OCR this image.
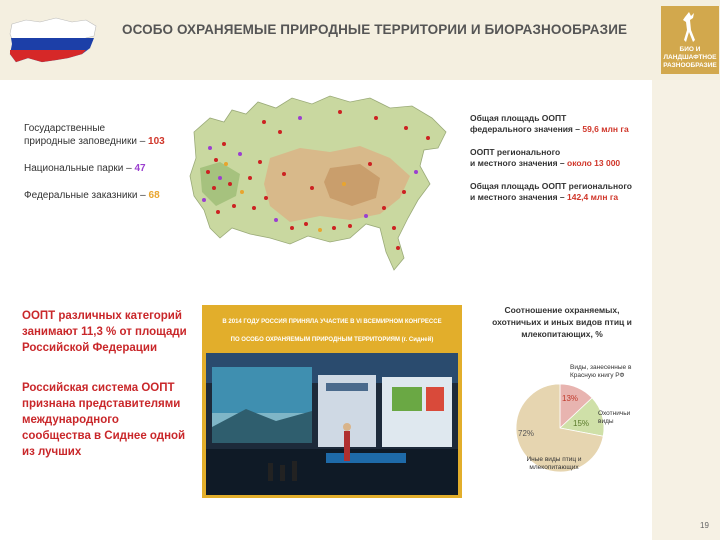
ОСОБО ОХРАНЯЕМЫЕ ПРИРОДНЫЕ ТЕРРИТОРИИ И БИОРАЗНООБРАЗИЕ
БИО И
ЛАНДШАФТНОЕ
РАЗНООБРАЗИЕ
Государственные
природные заповедники – 103
Национальные парки – 47
Федеральные заказники – 68
Общая площадь ООПТ
федерального значения – 59,6 млн га
ООПТ регионального
и местного значения – около 13 000
Общая площадь ООПТ регионального
и местного значения – 142,4 млн га
ООПТ различных категорий занимают 11,3 % от площади Российской Федерации
Российская система ООПТ признана представителями международного сообщества в Сиднее одной из лучших
В 2014 ГОДУ РОССИЯ ПРИНЯЛА УЧАСТИЕ В VI ВСЕМИРНОМ КОНГРЕССЕ
ПО ОСОБО ОХРАНЯЕМЫМ ПРИРОДНЫМ ТЕРРИТОРИЯМ (г. Сидней)
Соотношение охраняемых, охотничьих и иных видов птиц и млекопитающих, %
13%
15%
72%
Виды, занесенные в Красную книгу РФ
Охотничьи виды
Иные виды птиц и млекопитающих
19
